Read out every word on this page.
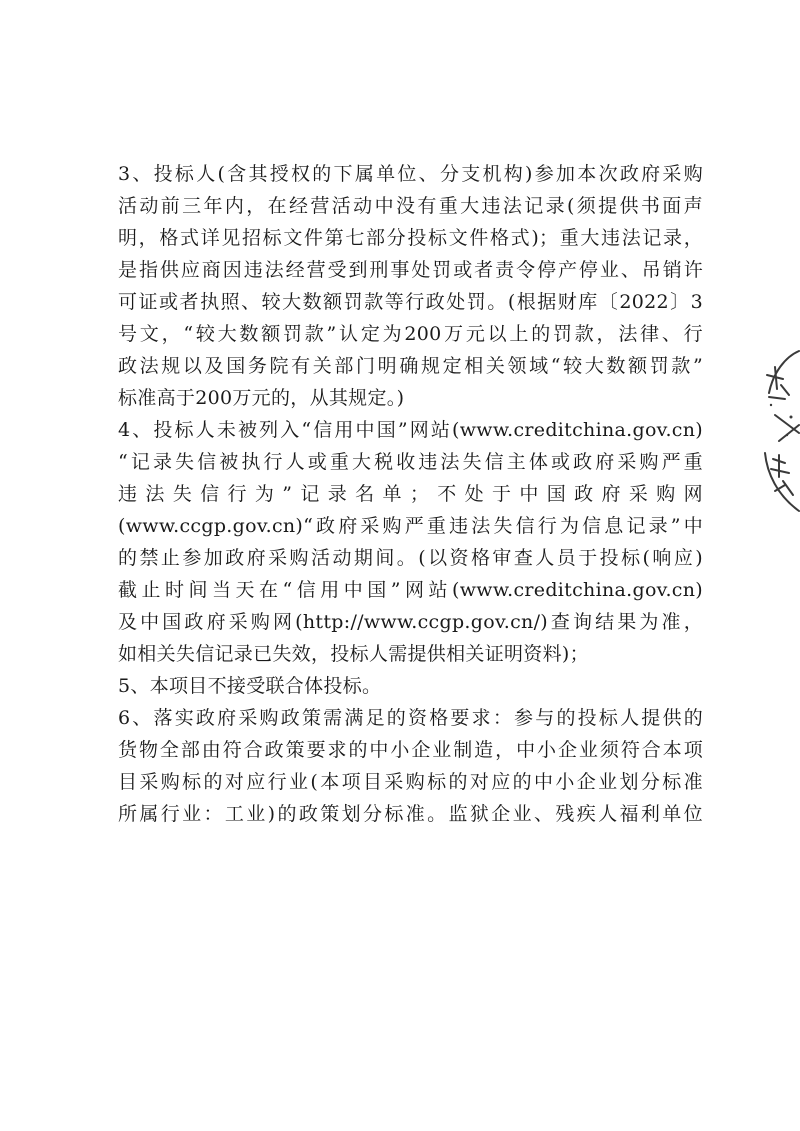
3、投标人(含其授权的下属单位、分支机构)参加本次政府采购
活动前三年内，在经营活动中没有重大违法记录(须提供书面声
明，格式详见招标文件第七部分投标文件格式)；重大违法记录，
是指供应商因违法经营受到刑事处罚或者责令停产停业、吊销许
可证或者执照、较大数额罚款等行政处罚。(根据财库〔2022〕3
号文，“较大数额罚款”认定为200万元以上的罚款，法律、行
政法规以及国务院有关部门明确规定相关领域“较大数额罚款”
标准高于200万元的，从其规定。)
4、投标人未被列入“信用中国”网站(www.creditchina.gov.cn)
“记录失信被执行人或重大税收违法失信主体或政府采购严重
违法失信行为”记录名单；不处于中国政府采购网
(www.ccgp.gov.cn)“政府采购严重违法失信行为信息记录”中
的禁止参加政府采购活动期间。(以资格审查人员于投标(响应)
截止时间当天在“信用中国”网站(www.creditchina.gov.cn)
及中国政府采购网(http://www.ccgp.gov.cn/)查询结果为准，
如相关失信记录已失效，投标人需提供相关证明资料)；
5、本项目不接受联合体投标。
6、落实政府采购政策需满足的资格要求：参与的投标人提供的
货物全部由符合政策要求的中小企业制造，中小企业须符合本项
目采购标的对应行业(本项目采购标的对应的中小企业划分标准
所属行业：工业)的政策划分标准。监狱企业、残疾人福利单位
